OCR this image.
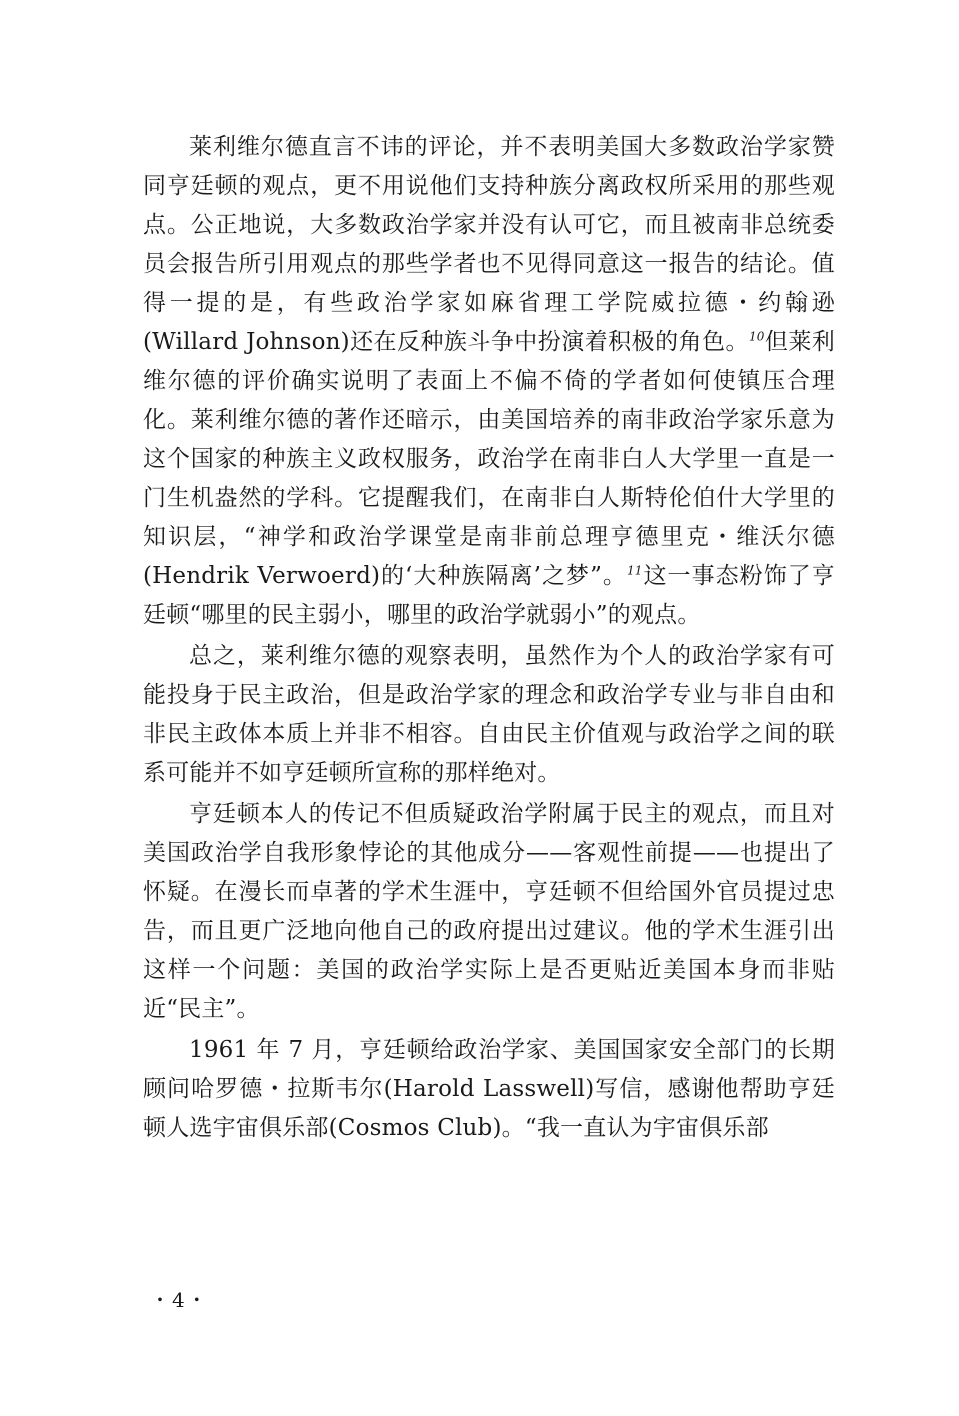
莱利维尔德直言不讳的评论，并不表明美国大多数政治学家赞同亨廷顿的观点，更不用说他们支持种族分离政权所采用的那些观点。公正地说，大多数政治学家并没有认可它，而且被南非总统委员会报告所引用观点的那些学者也不见得同意这一报告的结论。值得一提的是，有些政治学家如麻省理工学院威拉德・约翰逊(Willard Johnson)还在反种族斗争中扮演着积极的角色。$^{10}$但莱利维尔德的评价确实说明了表面上不偏不倚的学者如何使镇压合理化。莱利维尔德的著作还暗示，由美国培养的南非政治学家乐意为这个国家的种族主义政权服务，政治学在南非白人大学里一直是一门生机盎然的学科。它提醒我们，在南非白人斯特伦伯什大学里的知识层，“神学和政治学课堂是南非前总理亨德里克・维沃尔德(Hendrik Verwoerd)的‘大种族隔离’之梦”。$^{11}$这一事态粉饰了亨廷顿“哪里的民主弱小，哪里的政治学就弱小”的观点。

总之，莱利维尔德的观察表明，虽然作为个人的政治学家有可能投身于民主政治，但是政治学家的理念和政治学专业与非自由和非民主政体本质上并非不相容。自由民主价值观与政治学之间的联系可能并不如亨廷顿所宣称的那样绝对。

亨廷顿本人的传记不但质疑政治学附属于民主的观点，而且对美国政治学自我形象悖论的其他成分——客观性前提——也提出了怀疑。在漫长而卓著的学术生涯中，亨廷顿不但给国外官员提过忠告，而且更广泛地向他自己的政府提出过建议。他的学术生涯引出这样一个问题：美国的政治学实际上是否更贴近美国本身而非贴近“民主”。

1961 年 7 月，亨廷顿给政治学家、美国国家安全部门的长期顾问哈罗德・拉斯韦尔(Harold Lasswell)写信，感谢他帮助亨廷顿人选宇宙俱乐部(Cosmos Club)。“我一直认为宇宙俱乐部

・4・
